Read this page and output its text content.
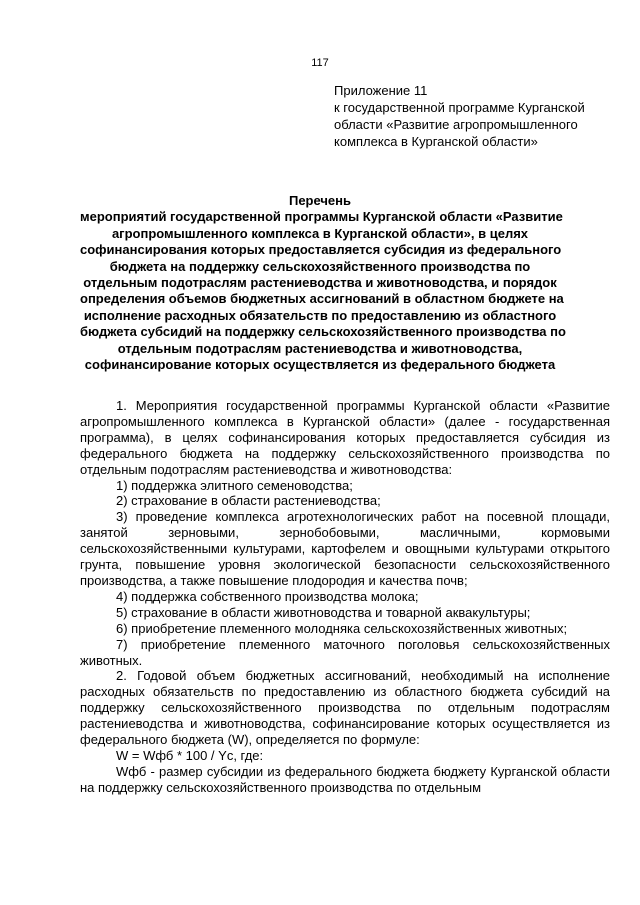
117
Приложение 11
к государственной программе Курганской
области «Развитие агропромышленного
комплекса в Курганской области»
Перечень
мероприятий государственной программы Курганской области «Развитие
агропромышленного комплекса в Курганской области», в целях
софинансирования которых предоставляется субсидия из федерального
бюджета на поддержку сельскохозяйственного производства по
отдельным подотраслям растениеводства и животноводства, и порядок
определения объемов бюджетных ассигнований в областном бюджете на
исполнение расходных обязательств по предоставлению из областного
бюджета субсидий на поддержку сельскохозяйственного производства по
отдельным подотраслям растениеводства и животноводства,
софинансирование которых осуществляется из федерального бюджета

1. Мероприятия государственной программы Курганской области «Развитие агропромышленного комплекса в Курганской области» (далее - государственная программа), в целях софинансирования которых предоставляется субсидия из федерального бюджета на поддержку сельскохозяйственного производства по отдельным подотраслям растениеводства и животноводства:

1) поддержка элитного семеноводства;

2) страхование в области растениеводства;

3) проведение комплекса агротехнологических работ на посевной площади, занятой зерновыми, зернобобовыми, масличными, кормовыми сельскохозяйственными культурами, картофелем и овощными культурами открытого грунта, повышение уровня экологической безопасности сельскохозяйственного производства, а также повышение плодородия и качества почв;

4) поддержка собственного производства молока;

5) страхование в области животноводства и товарной аквакультуры;

6) приобретение племенного молодняка сельскохозяйственных животных;

7) приобретение племенного маточного поголовья сельскохозяйственных животных.

2. Годовой объем бюджетных ассигнований, необходимый на исполнение расходных обязательств по предоставлению из областного бюджета субсидий на поддержку сельскохозяйственного производства по отдельным подотраслям растениеводства и животноводства, софинансирование которых осуществляется из федерального бюджета (W), определяется по формуле:

W = Wфб * 100 / Yс, где:

Wфб - размер субсидии из федерального бюджета бюджету Курганской области на поддержку сельскохозяйственного производства по отдельным
